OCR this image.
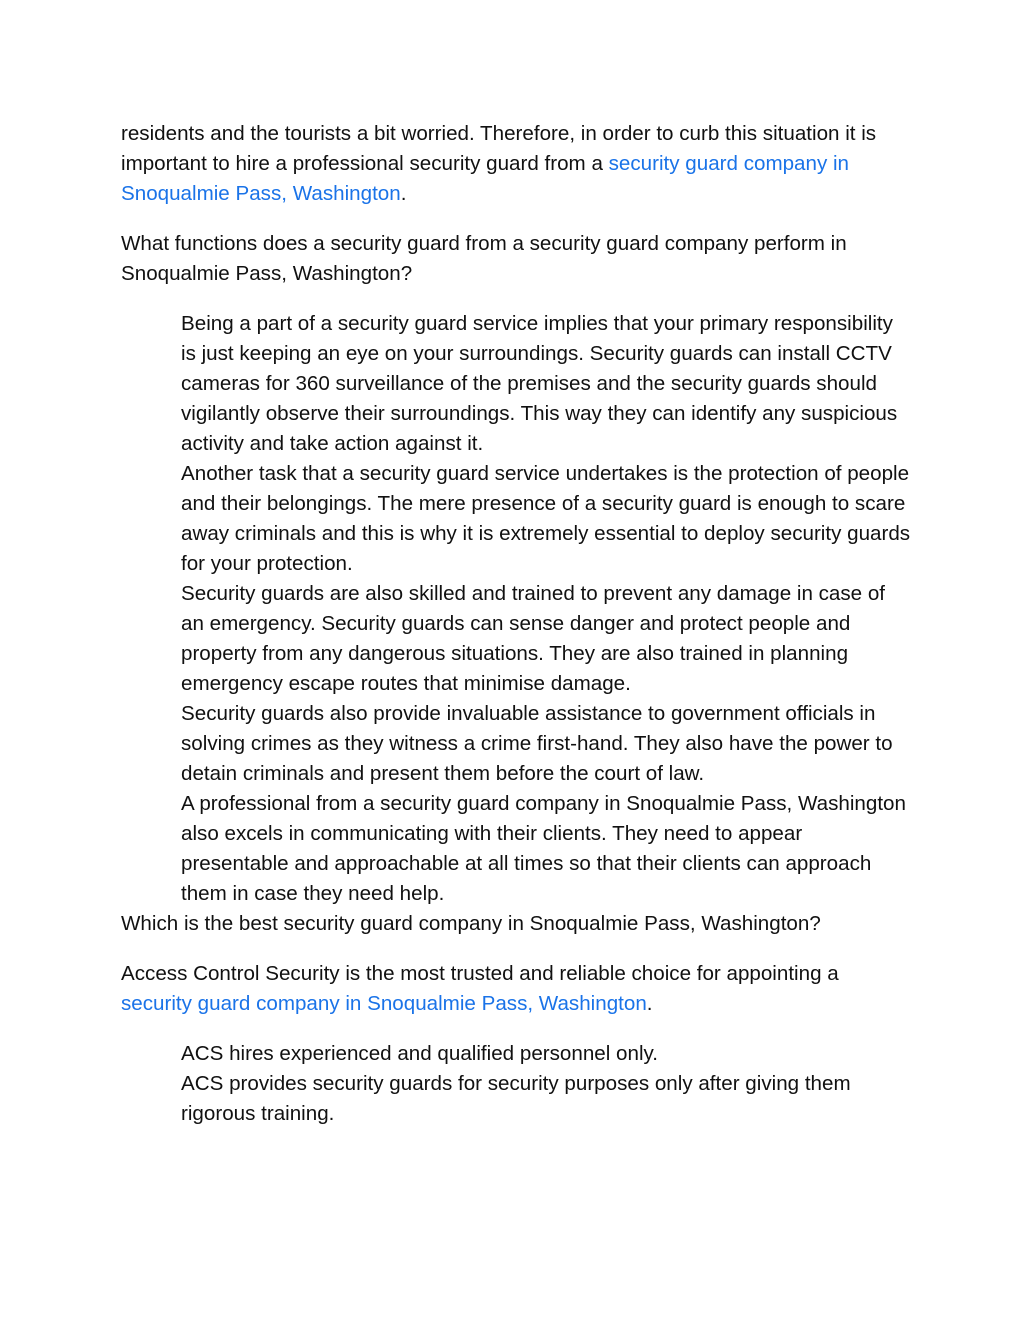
residents and the tourists a bit worried. Therefore, in order to curb this situation it is important to hire a professional security guard from a security guard company in Snoqualmie Pass, Washington.

What functions does a security guard from a security guard company perform in Snoqualmie Pass, Washington?

Being a part of a security guard service implies that your primary responsibility is just keeping an eye on your surroundings. Security guards can install CCTV cameras for 360 surveillance of the premises and the security guards should vigilantly observe their surroundings. This way they can identify any suspicious activity and take action against it.

Another task that a security guard service undertakes is the protection of people and their belongings. The mere presence of a security guard is enough to scare away criminals and this is why it is extremely essential to deploy security guards for your protection.

Security guards are also skilled and trained to prevent any damage in case of an emergency. Security guards can sense danger and protect people and property from any dangerous situations. They are also trained in planning emergency escape routes that minimise damage.

Security guards also provide invaluable assistance to government officials in solving crimes as they witness a crime first-hand. They also have the power to detain criminals and present them before the court of law.

A professional from a security guard company in Snoqualmie Pass, Washington also excels in communicating with their clients. They need to appear presentable and approachable at all times so that their clients can approach them in case they need help.

Which is the best security guard company in Snoqualmie Pass, Washington?

Access Control Security is the most trusted and reliable choice for appointing a security guard company in Snoqualmie Pass, Washington.

ACS hires experienced and qualified personnel only.

ACS provides security guards for security purposes only after giving them rigorous training.
